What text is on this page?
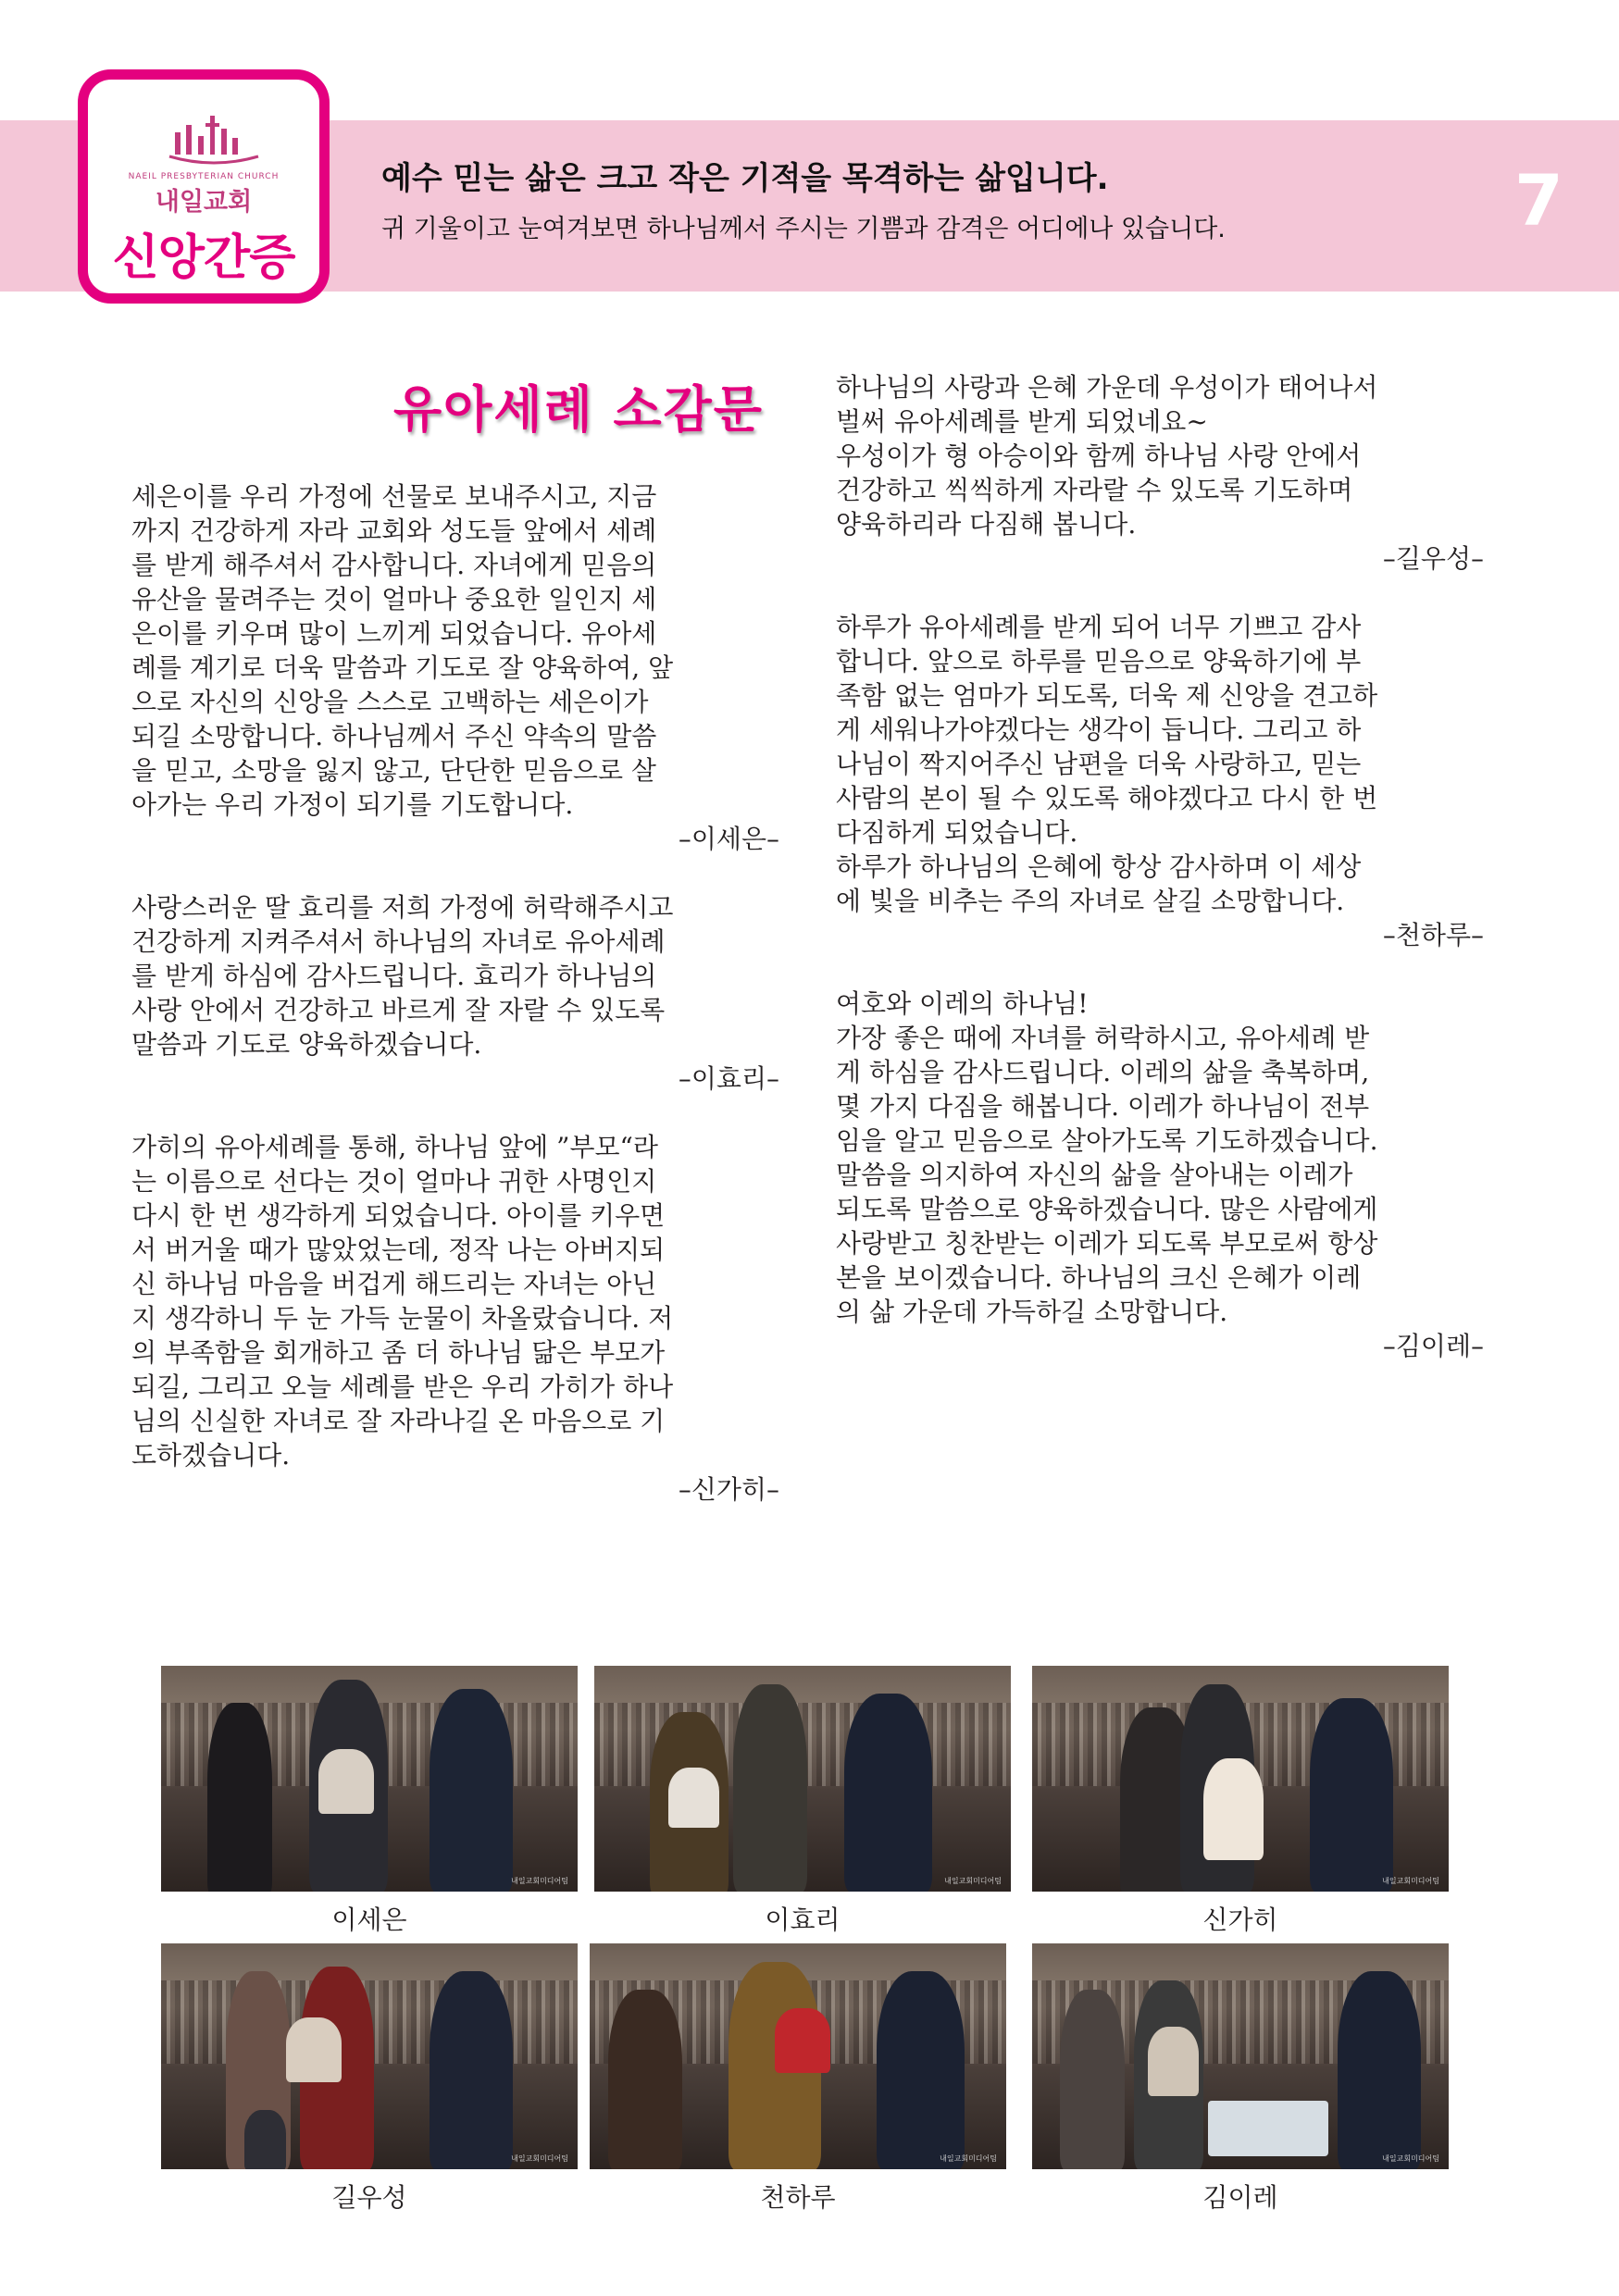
NAEIL PRESBYTERIAN CHURCH
내일교회
신앙간증
예수 믿는 삶은 크고 작은 기적을 목격하는 삶입니다.
귀 기울이고 눈여겨보면 하나님께서 주시는 기쁨과 감격은 어디에나 있습니다.	7
유아세례 소감문
세은이를 우리 가정에 선물로 보내주시고, 지금
까지 건강하게 자라 교회와 성도들 앞에서 세례
를 받게 해주셔서 감사합니다. 자녀에게 믿음의
유산을 물려주는 것이 얼마나 중요한 일인지 세
은이를 키우며 많이 느끼게 되었습니다. 유아세
례를 계기로 더욱 말씀과 기도로 잘 양육하여, 앞
으로 자신의 신앙을 스스로 고백하는 세은이가
되길 소망합니다. 하나님께서 주신 약속의 말씀
을 믿고, 소망을 잃지 않고, 단단한 믿음으로 살
아가는 우리 가정이 되기를 기도합니다.
–이세은–
사랑스러운 딸 효리를 저희 가정에 허락해주시고
건강하게 지켜주셔서 하나님의 자녀로 유아세례
를 받게 하심에 감사드립니다. 효리가 하나님의
사랑 안에서 건강하고 바르게 잘 자랄 수 있도록
말씀과 기도로 양육하겠습니다.
–이효리–
가히의 유아세례를 통해, 하나님 앞에 ”부모“라
는 이름으로 선다는 것이 얼마나 귀한 사명인지
다시 한 번 생각하게 되었습니다. 아이를 키우면
서 버거울 때가 많았었는데, 정작 나는 아버지되
신 하나님 마음을 버겁게 해드리는 자녀는 아닌
지 생각하니 두 눈 가득 눈물이 차올랐습니다. 저
의 부족함을 회개하고 좀 더 하나님 닮은 부모가
되길, 그리고 오늘 세례를 받은 우리 가히가 하나
님의 신실한 자녀로 잘 자라나길 온 마음으로 기
도하겠습니다.
–신가히–
하나님의 사랑과 은혜 가운데 우성이가 태어나서
벌써 유아세례를 받게 되었네요~
우성이가 형 아승이와 함께 하나님 사랑 안에서
건강하고 씩씩하게 자라랄 수 있도록 기도하며
양육하리라 다짐해 봅니다.
–길우성–
하루가 유아세례를 받게 되어 너무 기쁘고 감사
합니다. 앞으로 하루를 믿음으로 양육하기에 부
족함 없는 엄마가 되도록, 더욱 제 신앙을 견고하
게 세워나가야겠다는 생각이 듭니다. 그리고 하
나님이 짝지어주신 남편을 더욱 사랑하고, 믿는
사람의 본이 될 수 있도록 해야겠다고 다시 한 번
다짐하게 되었습니다.
하루가 하나님의 은혜에 항상 감사하며 이 세상
에 빛을 비추는 주의 자녀로 살길 소망합니다.
–천하루–
여호와 이레의 하나님!
가장 좋은 때에 자녀를 허락하시고, 유아세례 받
게 하심을 감사드립니다. 이레의 삶을 축복하며,
몇 가지 다짐을 해봅니다. 이레가 하나님이 전부
임을 알고 믿음으로 살아가도록 기도하겠습니다.
말씀을 의지하여 자신의 삶을 살아내는 이레가
되도록 말씀으로 양육하겠습니다. 많은 사람에게
사랑받고 칭찬받는 이레가 되도록 부모로써 항상
본을 보이겠습니다. 하나님의 크신 은혜가 이레
의 삶 가운데 가득하길 소망합니다.
–김이레–
내일교회미디어팀
이세은
내일교회미디어팀
이효리
내일교회미디어팀
신가히
내일교회미디어팀
길우성
내일교회미디어팀
천하루
내일교회미디어팀
김이레
